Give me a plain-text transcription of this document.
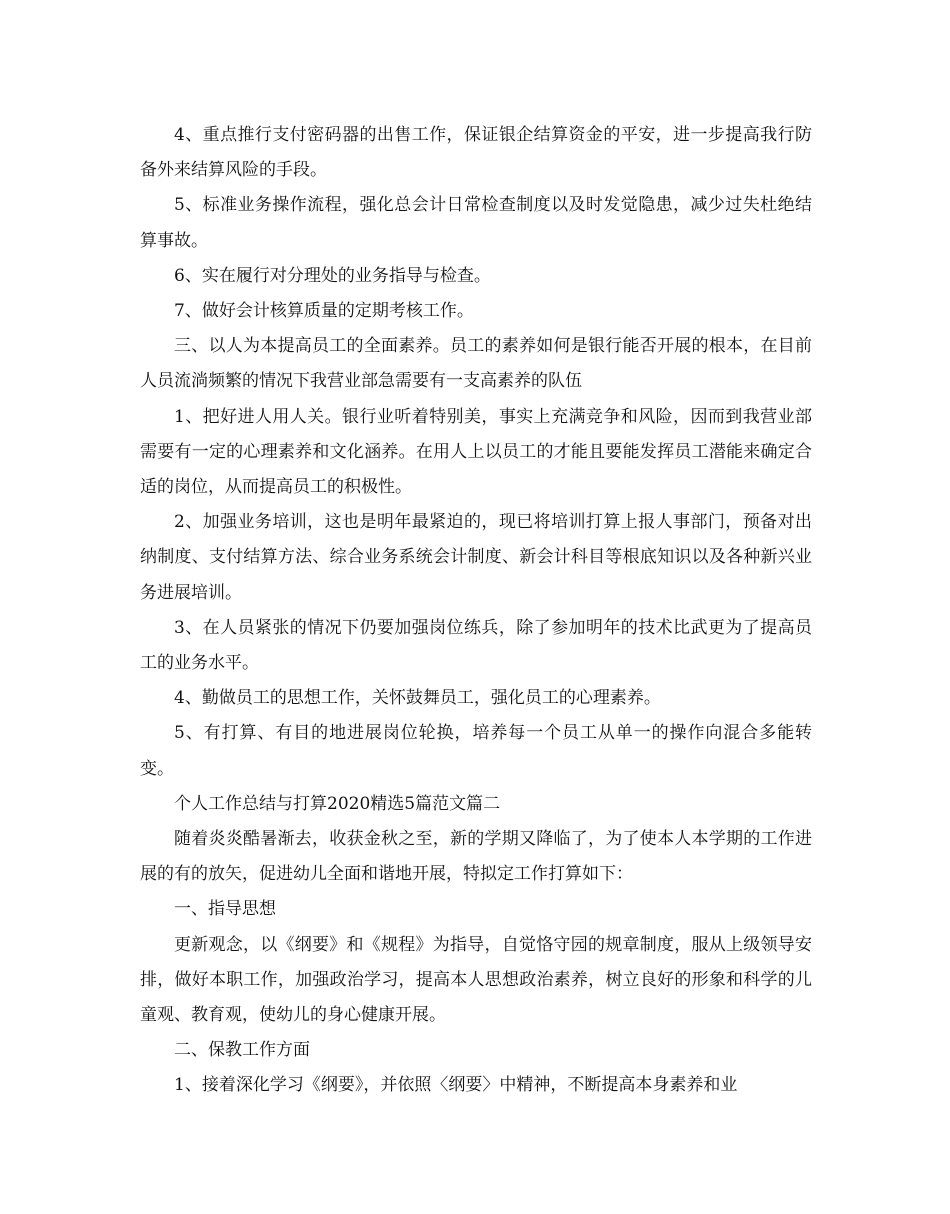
4、重点推行支付密码器的出售工作，保证银企结算资金的平安，进一步提高我行防备外来结算风险的手段。

5、标准业务操作流程，强化总会计日常检查制度以及时发觉隐患，减少过失杜绝结算事故。

6、实在履行对分理处的业务指导与检查。

7、做好会计核算质量的定期考核工作。

三、以人为本提高员工的全面素养。员工的素养如何是银行能否开展的根本，在目前人员流淌频繁的情况下我营业部急需要有一支高素养的队伍

1、把好进人用人关。银行业听着特别美，事实上充满竞争和风险，因而到我营业部需要有一定的心理素养和文化涵养。在用人上以员工的才能且要能发挥员工潜能来确定合适的岗位，从而提高员工的积极性。

2、加强业务培训，这也是明年最紧迫的，现已将培训打算上报人事部门，预备对出纳制度、支付结算方法、综合业务系统会计制度、新会计科目等根底知识以及各种新兴业务进展培训。

3、在人员紧张的情况下仍要加强岗位练兵，除了参加明年的技术比武更为了提高员工的业务水平。

4、勤做员工的思想工作，关怀鼓舞员工，强化员工的心理素养。

5、有打算、有目的地进展岗位轮换，培养每一个员工从单一的操作向混合多能转变。

个人工作总结与打算2020精选5篇范文篇二

随着炎炎酷暑渐去，收获金秋之至，新的学期又降临了，为了使本人本学期的工作进展的有的放矢，促进幼儿全面和谐地开展，特拟定工作打算如下：

一、指导思想

更新观念，以《纲要》和《规程》为指导，自觉恪守园的规章制度，服从上级领导安排，做好本职工作，加强政治学习，提高本人思想政治素养，树立良好的形象和科学的儿童观、教育观，使幼儿的身心健康开展。

二、保教工作方面

1、接着深化学习《纲要》，并依照〈纲要〉中精神，不断提高本身素养和业
